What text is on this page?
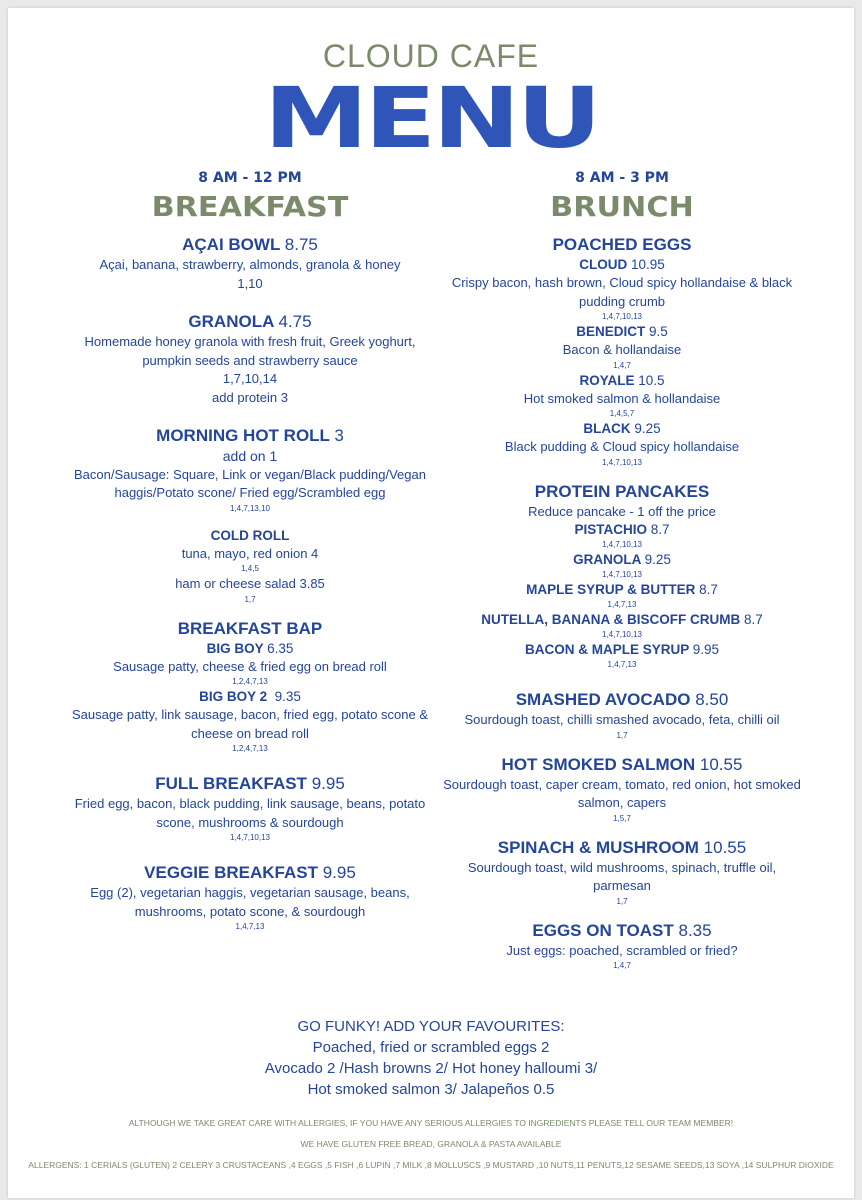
CLOUD CAFE
MENU
8 AM - 12 PM
BREAKFAST
AÇAI BOWL 8.75
Açai, banana, strawberry, almonds, granola & honey
1,10
GRANOLA 4.75
Homemade honey granola with fresh fruit, Greek yoghurt, pumpkin seeds and strawberry sauce
1,7,10,14
add protein 3
MORNING HOT ROLL 3
add on 1
Bacon/Sausage: Square, Link or vegan/Black pudding/Vegan haggis/Potato scone/ Fried egg/Scrambled egg
1,4,7,13,10
COLD ROLL
tuna, mayo, red onion 4
1,4,5
ham or cheese salad 3.85
1,7
BREAKFAST BAP
BIG BOY 6.35
Sausage patty, cheese & fried egg on bread roll
1,2,4,7,13
BIG BOY 2 9.35
Sausage patty, link sausage, bacon, fried egg, potato scone & cheese on bread roll
1,2,4,7,13
FULL BREAKFAST 9.95
Fried egg, bacon, black pudding, link sausage, beans, potato scone, mushrooms & sourdough
1,4,7,10,13
VEGGIE BREAKFAST 9.95
Egg (2), vegetarian haggis, vegetarian sausage, beans, mushrooms, potato scone, & sourdough
1,4,7,13
8 AM - 3 PM
BRUNCH
POACHED EGGS
CLOUD 10.95
Crispy bacon, hash brown, Cloud spicy hollandaise & black pudding crumb
1,4,7,10,13
BENEDICT 9.5
Bacon & hollandaise
1,4,7
ROYALE 10.5
Hot smoked salmon & hollandaise
1,4,5,7
BLACK 9.25
Black pudding & Cloud spicy hollandaise
1,4,7,10,13
PROTEIN PANCAKES
Reduce pancake - 1 off the price
PISTACHIO 8.7
1,4,7,10,13
GRANOLA 9.25
1,4,7,10,13
MAPLE SYRUP & BUTTER 8.7
1,4,7,13
NUTELLA, BANANA & BISCOFF CRUMB 8.7
1,4,7,10,13
BACON & MAPLE SYRUP 9.95
1,4,7,13
SMASHED AVOCADO 8.50
Sourdough toast, chilli smashed avocado, feta, chilli oil
1,7
HOT SMOKED SALMON 10.55
Sourdough toast, caper cream, tomato, red onion, hot smoked salmon, capers
1,5,7
SPINACH & MUSHROOM 10.55
Sourdough toast, wild mushrooms, spinach, truffle oil, parmesan
1,7
EGGS ON TOAST 8.35
Just eggs: poached, scrambled or fried?
1,4,7
GO FUNKY! ADD YOUR FAVOURITES:
Poached, fried or scrambled eggs 2
Avocado 2 /Hash browns 2/ Hot honey halloumi 3/
Hot smoked salmon 3/ Jalapeños 0.5
ALTHOUGH WE TAKE GREAT CARE WITH ALLERGIES, IF YOU HAVE ANY SERIOUS ALLERGIES TO INGREDIENTS PLEASE TELL OUR TEAM MEMBER!
WE HAVE GLUTEN FREE BREAD, GRANOLA & PASTA AVAILABLE
ALLERGENS: 1 CERIALS (GLUTEN) 2 CELERY 3 CRUSTACEANS ,4 EGGS ,5 FISH ,6 LUPIN ,7 MILK ,8 MOLLUSCS ,9 MUSTARD ,10 NUTS,11 PENUTS,12 SESAME SEEDS,13 SOYA ,14 SULPHUR DIOXIDE
